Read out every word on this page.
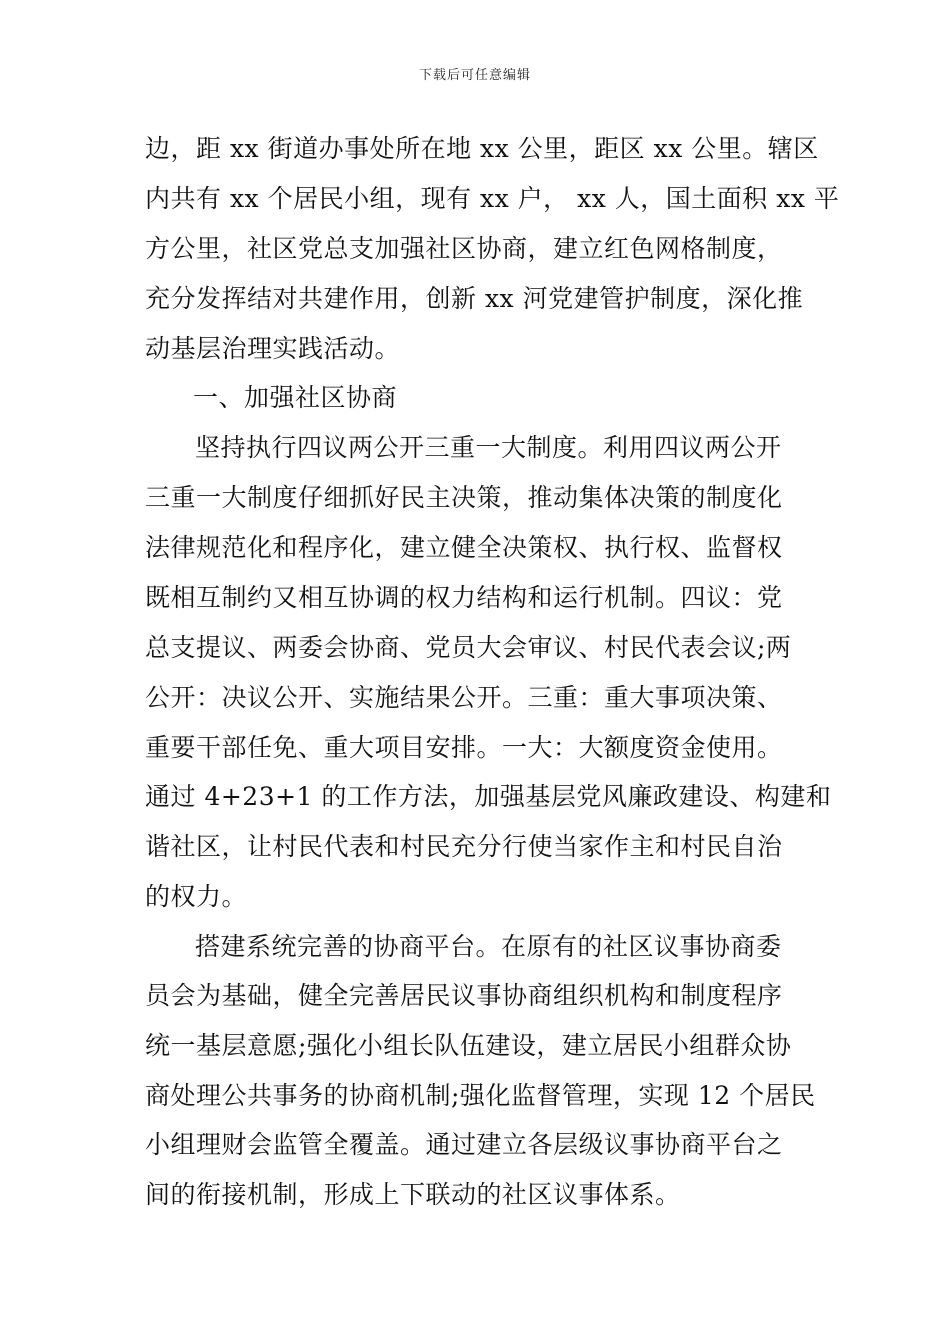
下载后可任意编辑
边，距 xx 街道办事处所在地 xx 公里，距区 xx 公里。辖区
内共有 xx 个居民小组，现有 xx 户， xx 人，国土面积 xx 平
方公里，社区党总支加强社区协商，建立红色网格制度，
充分发挥结对共建作用，创新 xx 河党建管护制度，深化推
动基层治理实践活动。
一、加强社区协商
坚持执行四议两公开三重一大制度。利用四议两公开
三重一大制度仔细抓好民主决策，推动集体决策的制度化
法律规范化和程序化，建立健全决策权、执行权、监督权
既相互制约又相互协调的权力结构和运行机制。四议：党
总支提议、两委会协商、党员大会审议、村民代表会议;两
公开：决议公开、实施结果公开。三重：重大事项决策、
重要干部任免、重大项目安排。一大：大额度资金使用。
通过 4+23+1 的工作方法，加强基层党风廉政建设、构建和
谐社区，让村民代表和村民充分行使当家作主和村民自治
的权力。
搭建系统完善的协商平台。在原有的社区议事协商委
员会为基础，健全完善居民议事协商组织机构和制度程序
统一基层意愿;强化小组长队伍建设，建立居民小组群众协
商处理公共事务的协商机制;强化监督管理，实现 12 个居民
小组理财会监管全覆盖。通过建立各层级议事协商平台之
间的衔接机制，形成上下联动的社区议事体系。
